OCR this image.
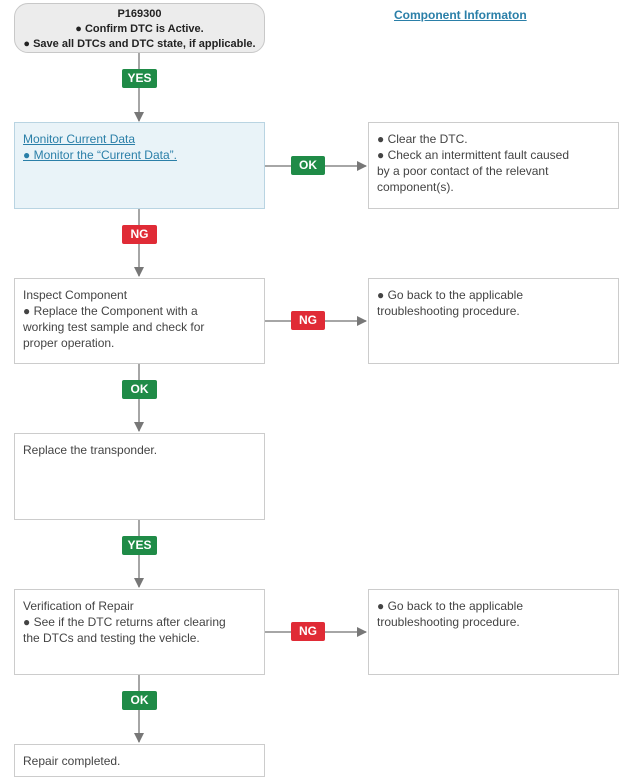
P169300
● Confirm DTC is Active.
● Save all DTCs and DTC state, if applicable.
Component Informaton
Monitor Current Data
● Monitor the “Current Data”.
● Clear the DTC.
● Check an intermittent fault caused
by a poor contact of the relevant
component(s).
Inspect Component
● Replace the Component with a
working test sample and check for
proper operation.
● Go back to the applicable
troubleshooting procedure.
Replace the transponder.
Verification of Repair
● See if the DTC returns after clearing
the DTCs and testing the vehicle.
● Go back to the applicable
troubleshooting procedure.
Repair completed.
YES
OK
NG
NG
OK
YES
NG
OK
